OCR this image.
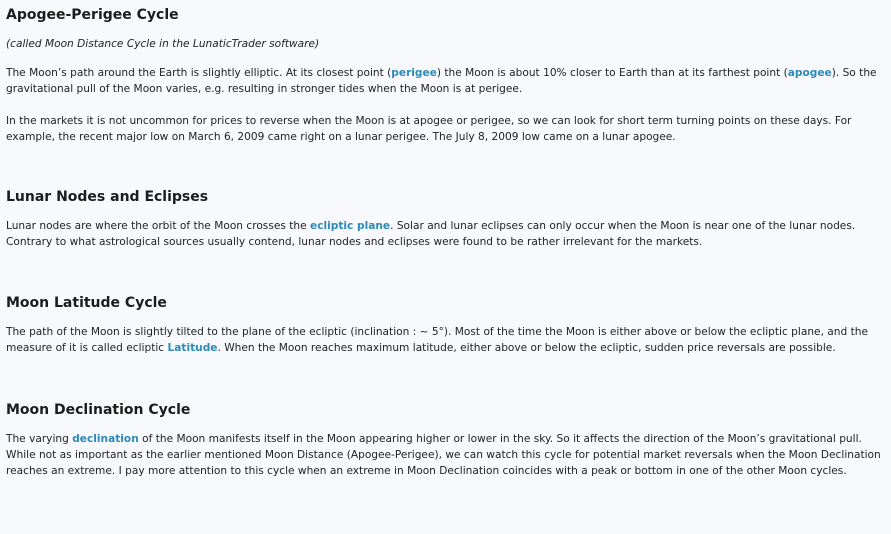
Apogee-Perigee Cycle

(called Moon Distance Cycle in the LunaticTrader software)

The Moon’s path around the Earth is slightly elliptic. At its closest point (perigee) the Moon is about 10% closer to Earth than at its farthest point (apogee). So the gravitational pull of the Moon varies, e.g. resulting in stronger tides when the Moon is at perigee.

In the markets it is not uncommon for prices to reverse when the Moon is at apogee or perigee, so we can look for short term turning points on these days. For example, the recent major low on March 6, 2009 came right on a lunar perigee. The July 8, 2009 low came on a lunar apogee.

Lunar Nodes and Eclipses

Lunar nodes are where the orbit of the Moon crosses the ecliptic plane. Solar and lunar eclipses can only occur when the Moon is near one of the lunar nodes. Contrary to what astrological sources usually contend, lunar nodes and eclipses were found to be rather irrelevant for the markets.

Moon Latitude Cycle

The path of the Moon is slightly tilted to the plane of the ecliptic (inclination : ~ 5°). Most of the time the Moon is either above or below the ecliptic plane, and the measure of it is called ecliptic Latitude. When the Moon reaches maximum latitude, either above or below the ecliptic, sudden price reversals are possible.

Moon Declination Cycle

The varying declination of the Moon manifests itself in the Moon appearing higher or lower in the sky. So it affects the direction of the Moon’s gravitational pull. While not as important as the earlier mentioned Moon Distance (Apogee-Perigee), we can watch this cycle for potential market reversals when the Moon Declination reaches an extreme. I pay more attention to this cycle when an extreme in Moon Declination coincides with a peak or bottom in one of the other Moon cycles.
